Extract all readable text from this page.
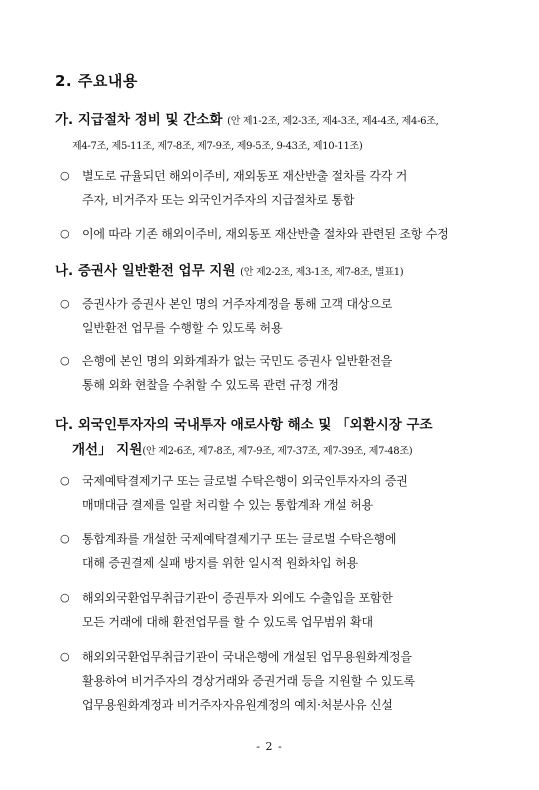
2. 주요내용
가. 지급절차 정비 및 간소화 (안 제1-2조, 제2-3조, 제4-3조, 제4-4조, 제4-6조,
제4-7조, 제5-11조, 제7-8조, 제7-9조, 제9-5조, 9-43조, 제10-11조)
○	별도로 규율되던 해외이주비, 재외동포 재산반출 절차를 각각 거
주자, 비거주자 또는 외국인거주자의 지급절차로 통합
○	이에 따라 기존 해외이주비, 재외동포 재산반출 절차와 관련된 조항 수정
나. 증권사 일반환전 업무 지원 (안 제2-2조, 제3-1조, 제7-8조, 별표1)
○	증권사가 증권사 본인 명의 거주자계정을 통해 고객 대상으로
일반환전 업무를 수행할 수 있도록 허용
○	은행에 본인 명의 외화계좌가 없는 국민도 증권사 일반환전을
통해 외화 현찰을 수취할 수 있도록 관련 규정 개정
다. 외국인투자자의 국내투자 애로사항 해소 및 「외환시장 구조
개선」 지원(안 제2-6조, 제7-8조, 제7-9조, 제7-37조, 제7-39조, 제7-48조)
○	국제예탁결제기구 또는 글로벌 수탁은행이 외국인투자자의 증권
매매대금 결제를 일괄 처리할 수 있는 통합계좌 개설 허용
○	통합계좌를 개설한 국제예탁결제기구 또는 글로벌 수탁은행에
대해 증권결제 실패 방지를 위한 일시적 원화차입 허용
○	해외외국환업무취급기관이 증권투자 외에도 수출입을 포함한
모든 거래에 대해 환전업무를 할 수 있도록 업무범위 확대
○	해외외국환업무취급기관이 국내은행에 개설된 업무용원화계정을
활용하여 비거주자의 경상거래와 증권거래 등을 지원할 수 있도록
업무용원화계정과 비거주자자유원계정의 예치·처분사유 신설
- 2 -
